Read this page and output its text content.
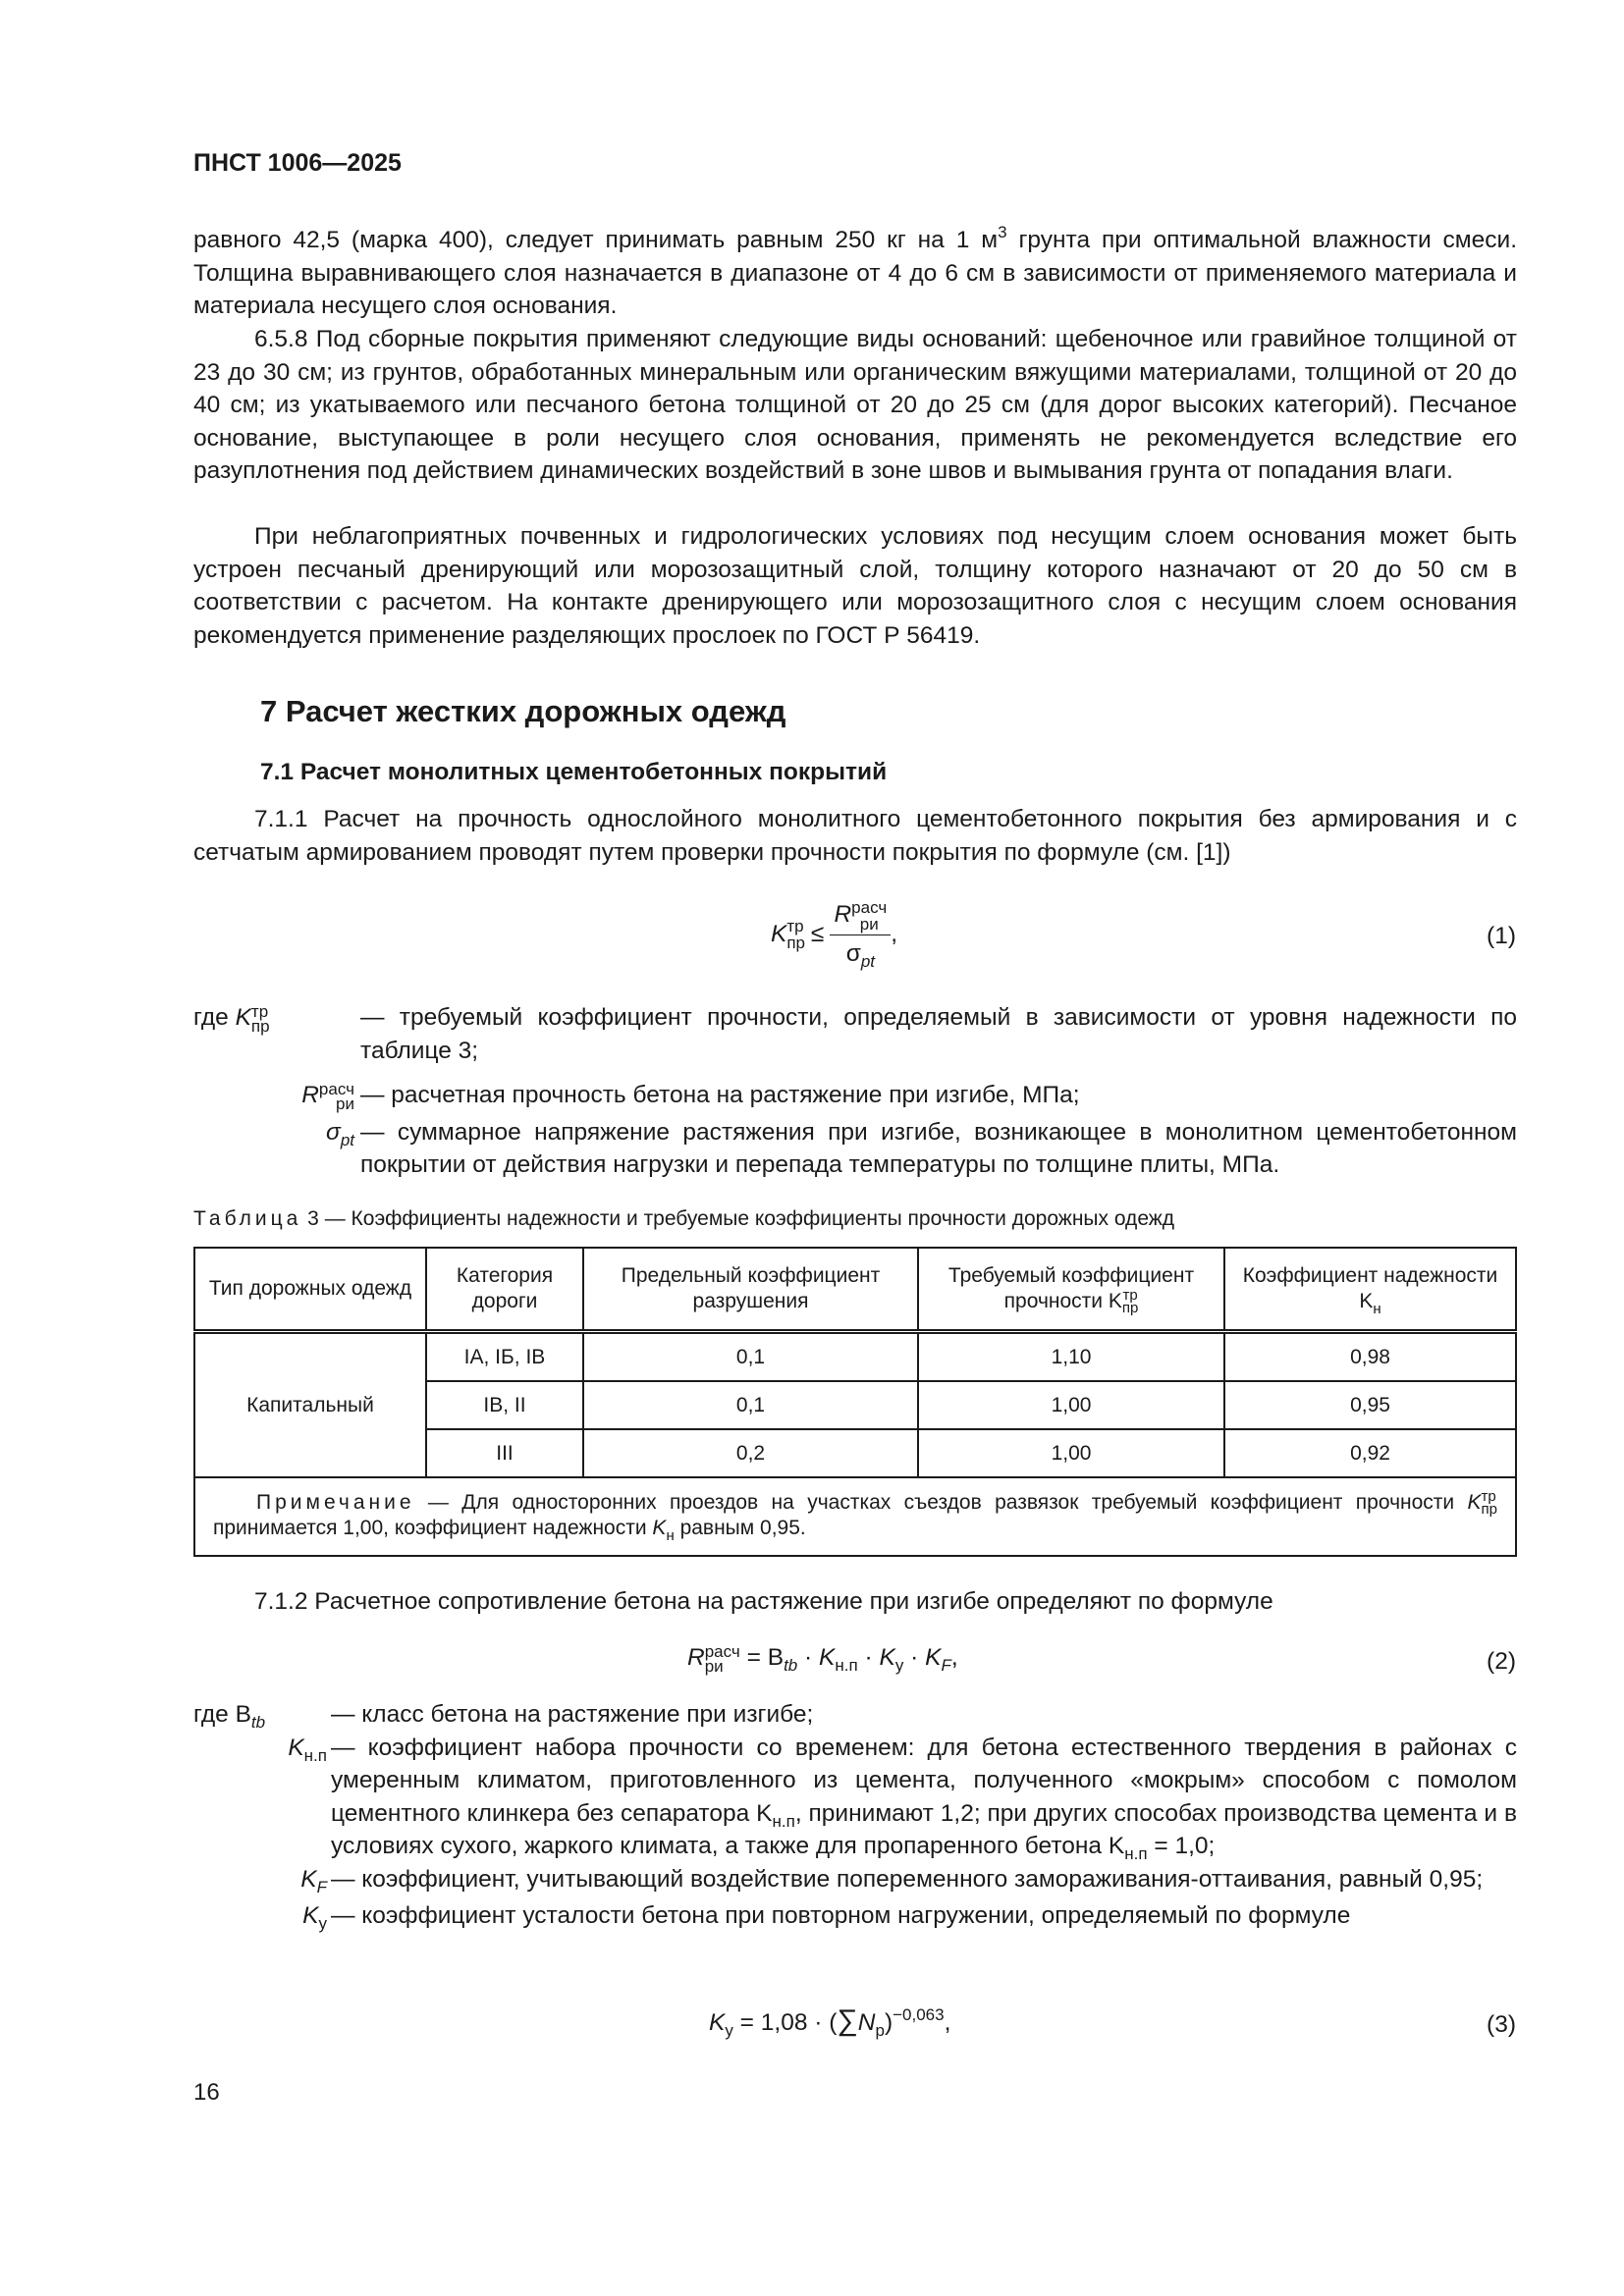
ПНСТ 1006—2025
равного 42,5 (марка 400), следует принимать равным 250 кг на 1 $м^3$ грунта при оптимальной влажности смеси. Толщина выравнивающего слоя назначается в диапазоне от 4 до 6 см в зависимости от применяемого материала и материала несущего слоя основания.
6.5.8 Под сборные покрытия применяют следующие виды оснований: щебеночное или гравийное толщиной от 23 до 30 см; из грунтов, обработанных минеральным или органическим вяжущими материалами, толщиной от 20 до 40 см; из укатываемого или песчаного бетона толщиной от 20 до 25 см (для дорог высоких категорий). Песчаное основание, выступающее в роли несущего слоя основания, применять не рекомендуется вследствие его разуплотнения под действием динамических воздействий в зоне швов и вымывания грунта от попадания влаги.
При неблагоприятных почвенных и гидрологических условиях под несущим слоем основания может быть устроен песчаный дренирующий или морозозащитный слой, толщину которого назначают от 20 до 50 см в соответствии с расчетом. На контакте дренирующего или морозозащитного слоя с несущим слоем основания рекомендуется применение разделяющих прослоек по ГОСТ Р 56419.
7 Расчет жестких дорожных одежд
7.1 Расчет монолитных цементобетонных покрытий
7.1.1 Расчет на прочность однослойного монолитного цементобетонного покрытия без армирования и с сетчатым армированием проводят путем проверки прочности покрытия по формуле (см. [1])
K тр
пр ≤ R расч
ри
$\sigma_{pt}$ ,	(1)
где K тр
пр	— требуемый коэффициент прочности, определяемый в зависимости от уровня надежности по таблице 3;
R расч
ри — расчетная прочность бетона на растяжение при изгибе, МПа;
$\sigma_{pt}$ — суммарное напряжение растяжения при изгибе, возникающее в монолитном цементобетонном покрытии от действия нагрузки и перепада температуры по толщине плиты, МПа.
Таблица 3 — Коэффициенты надежности и требуемые коэффициенты прочности дорожных одежд
Тип дорожных одежд	Категория дороги	Предельный коэффициент разрушения	Требуемый коэффициент прочности K тр
пр	Коэффициент надежности $K_н$
Капитальный	IA, IБ, IB	0,1	1,10	0,98
	IB, II	0,1	1,00	0,95
	III	0,2	1,00	0,92
Примечание — Для односторонних проездов на участках съездов развязок требуемый коэффициент прочности K тр
пр
принимается 1,00, коэффициент надежности $K_н$ равным 0,95.				
7.1.2 Расчетное сопротивление бетона на растяжение при изгибе определяют по формуле
R расч
ри = $B_{tb} \cdot K_{н.п} \cdot K_у \cdot K_F$,	(2)
где $B_{tb}$	— класс бетона на растяжение при изгибе;
$K_{н.п}$ — коэффициент набора прочности со временем: для бетона естественного твердения в районах с умеренным климатом, приготовленного из цемента, полученного «мокрым» способом с помолом цементного клинкера без сепаратора $K_{н.п}$, принимают 1,2; при других способах производства цемента и в условиях сухого, жаркого климата, а также для пропаренного бетона $K_{н.п} = 1,0$;
$K_F$ — коэффициент, учитывающий воздействие попеременного замораживания-оттаивания, равный 0,95;
$K_у$ — коэффициент усталости бетона при повторном нагружении, определяемый по формуле
$K_у = 1,08 \cdot (\sum N_р)^{-0,063}$,	(3)
16
